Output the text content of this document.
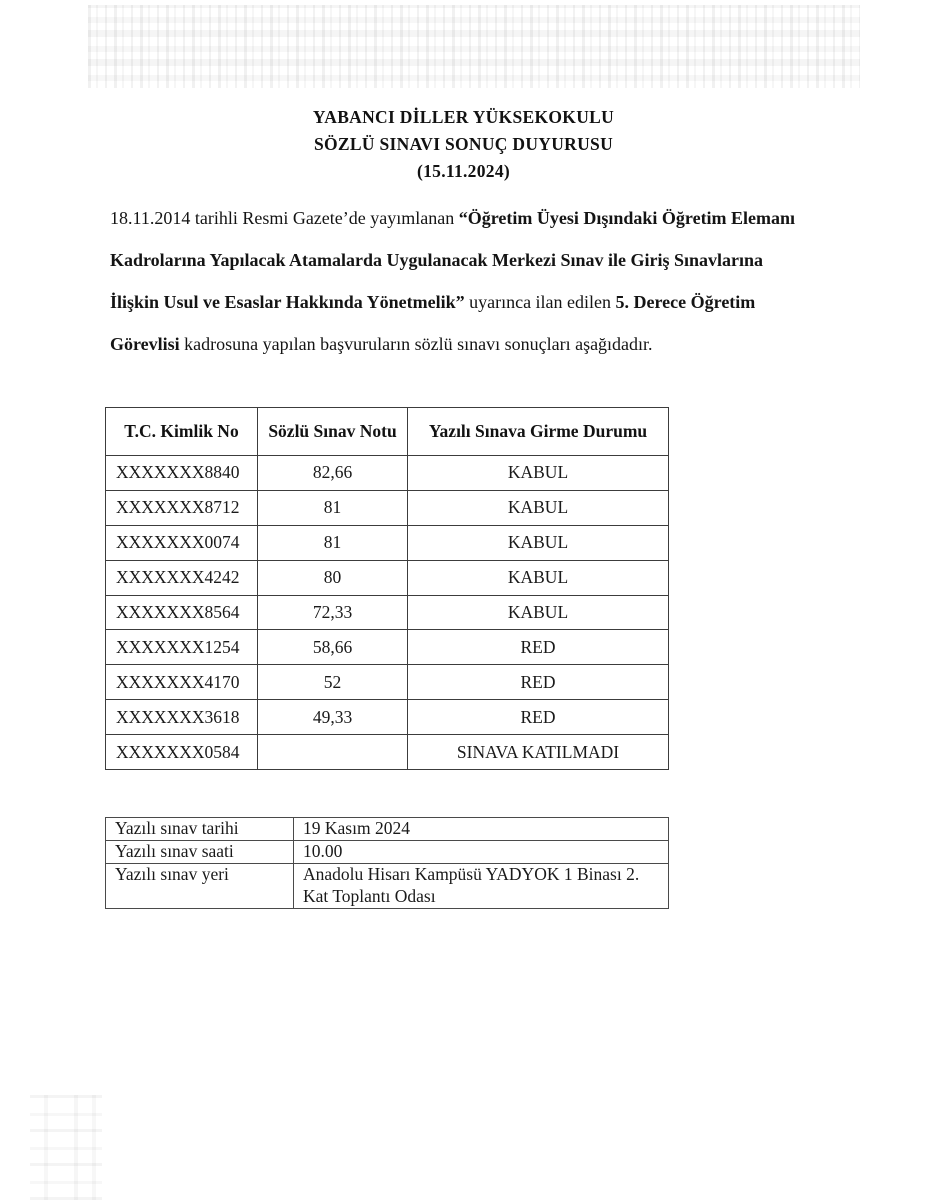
YABANCI DİLLER YÜKSEKOKULU
SÖZLÜ SINAVI SONUÇ DUYURUSU
(15.11.2024)
18.11.2014 tarihli Resmi Gazete’de yayımlanan “Öğretim Üyesi Dışındaki Öğretim Elemanı
Kadrolarına Yapılacak Atamalarda Uygulanacak Merkezi Sınav ile Giriş Sınavlarına
İlişkin Usul ve Esaslar Hakkında Yönetmelik” uyarınca ilan edilen 5. Derece Öğretim
Görevlisi kadrosuna yapılan başvuruların sözlü sınavı sonuçları aşağıdadır.
T.C. Kimlik No	Sözlü Sınav Notu	Yazılı Sınava Girme Durumu
XXXXXXX8840	82,66	KABUL
XXXXXXX8712	81	KABUL
XXXXXXX0074	81	KABUL
XXXXXXX4242	80	KABUL
XXXXXXX8564	72,33	KABUL
XXXXXXX1254	58,66	RED
XXXXXXX4170	52	RED
XXXXXXX3618	49,33	RED
XXXXXXX0584		SINAVA KATILMADI
Yazılı sınav tarihi	19 Kasım 2024
Yazılı sınav saati	10.00
Yazılı sınav yeri	Anadolu Hisarı Kampüsü YADYOK 1 Binası 2. Kat Toplantı Odası
